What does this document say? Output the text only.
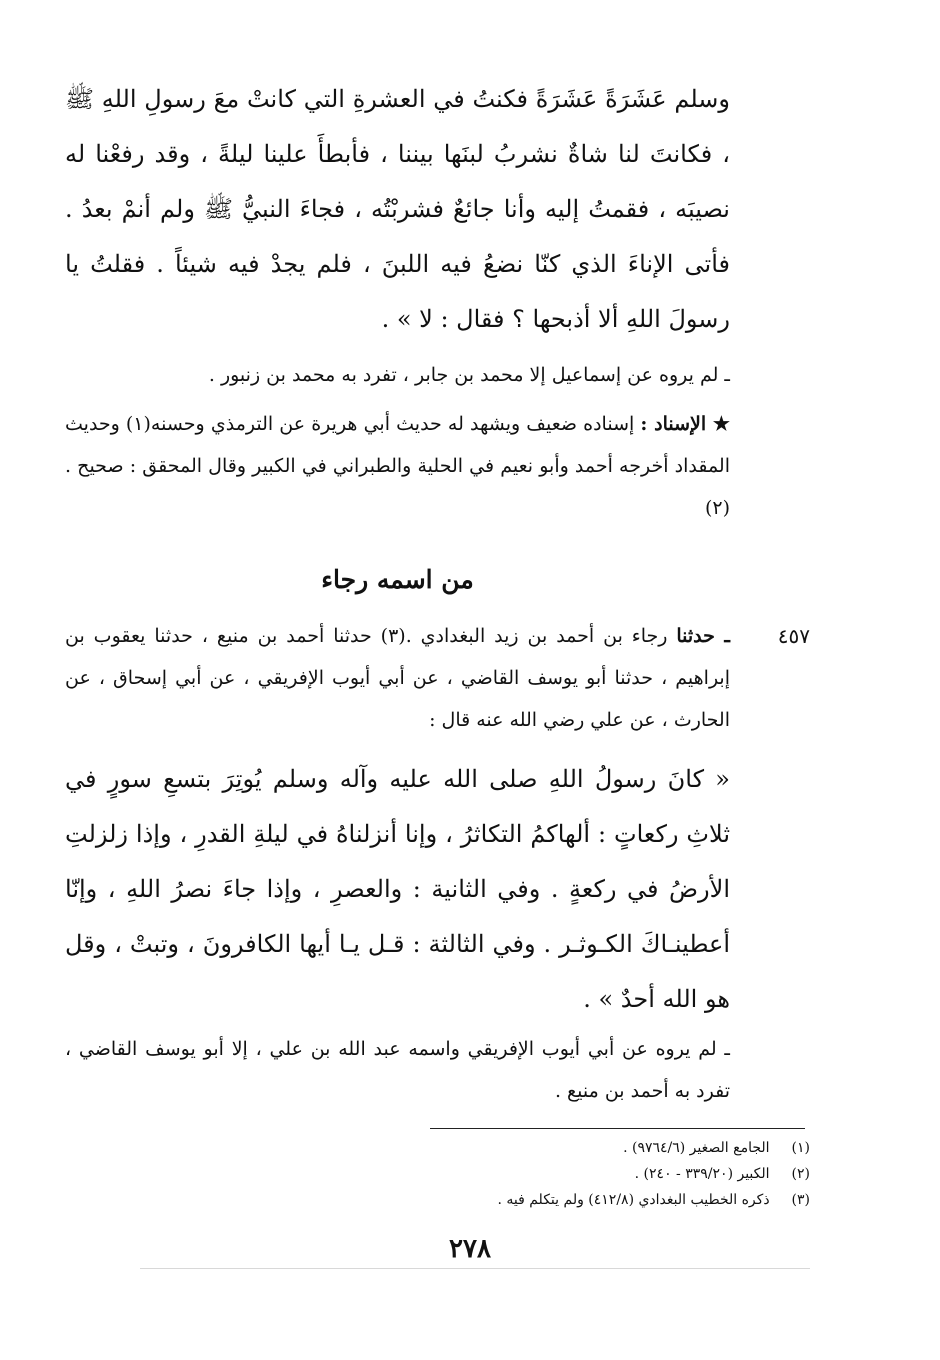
وسلم عَشَرَةً عَشَرَةً فكنتُ في العشرةِ التي كانتْ معَ رسولِ اللهِ ﷺ ، فكانتَ لنا شاةٌ نشربُ لبنَها بيننا ، فأبطأَ علينا ليلةً ، وقد رفعْنا له نصيبَه ، فقمتُ إليه وأنا جائعٌ فشربْتُه ، فجاءَ النبيُّ ﷺ ولم أنمْ بعدُ . فأتى الإناءَ الذي كنّا نضعُ فيه اللبنَ ، فلم يجدْ فيه شيئاً . فقلتُ يا رسولَ اللهِ ألا أذبحها ؟ فقال : لا » .
ـ لم يروه عن إسماعيل إلا محمد بن جابر ، تفرد به محمد بن زنبور .
★ الإسناد : إسناده ضعيف ويشهد له حديث أبي هريرة عن الترمذي وحسنه(١) وحديث المقداد أخرجه أحمد وأبو نعيم في الحلية والطبراني في الكبير وقال المحقق : صحيح .(٢)
من اسمه رجاء
٤٥٧
ـ حدثنا رجاء بن أحمد بن زيد البغدادي .(٣) حدثنا أحمد بن منيع ، حدثنا يعقوب بن إبراهيم ، حدثنا أبو يوسف القاضي ، عن أبي أيوب الإفريقي ، عن أبي إسحاق ، عن الحارث ، عن علي رضي الله عنه قال :
« كانَ رسولُ اللهِ صلى الله عليه وآله وسلم يُوتِرَ بتسعِ سورٍ في ثلاثِ ركعاتٍ : ألهاكمُ التكاثرُ ، وإنا أنزلناهُ في ليلةِ القدرِ ، وإذا زلزلتِ الأرضُ في ركعةٍ . وفي الثانية : والعصرِ ، وإذا جاءَ نصرُ اللهِ ، وإنّا أعطينـاكَ الكـوثـر . وفي الثالثة : قـل يـا أيها الكافرونَ ، وتبتْ ، وقل هو الله أحدٌ » .
ـ لم يروه عن أبي أيوب الإفريقي واسمه عبد الله بن علي ، إلا أبو يوسف القاضي ، تفرد به أحمد بن منيع .
(١) الجامع الصغير (٩٧٦٤/٦) .
(٢) الكبير (٣٣٩/٢٠ - ٢٤٠) .
(٣) ذكره الخطيب البغدادي (٤١٢/٨) ولم يتكلم فيه .
٢٧٨
